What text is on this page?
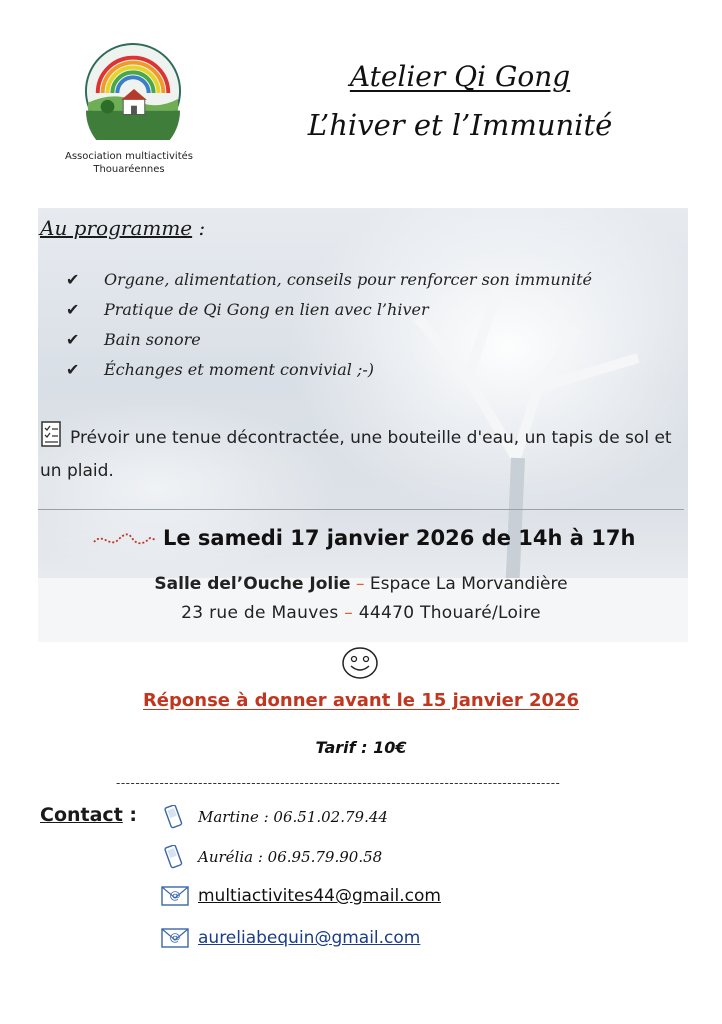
Association multiactivités Thouaréennes
Atelier Qi Gong
L’hiver et l’Immunité
Au programme :
✔	Organe, alimentation, conseils pour renforcer son immunité
✔	Pratique de Qi Gong en lien avec l’hiver
✔	Bain sonore
✔	Échanges et moment convivial ;-)
Prévoir une tenue décontractée, une bouteille d'eau, un tapis de sol et un plaid.
Le samedi 17 janvier 2026 de 14h à 17h
Salle del’Ouche Jolie – Espace La Morvandière
23 rue de Mauves – 44470 Thouaré/Loire
Réponse à donner avant le 15 janvier 2026
Tarif : 10€
--------------------------------------------------------------------------------------------
Contact :	Martine : 06.51.02.79.44
Aurélia : 06.95.79.90.58
@ multiactivites44@gmail.com
@ aureliabequin@gmail.com
